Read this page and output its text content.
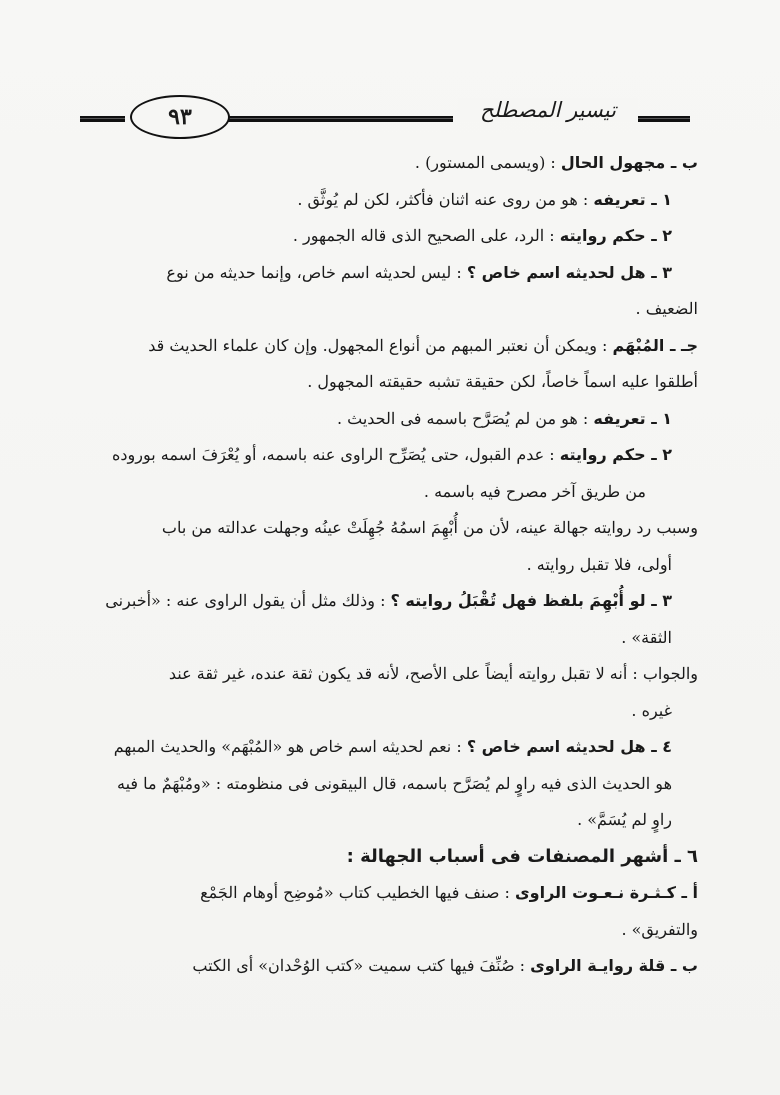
٩٣	تيسير المصطلح

ب ـ مجهول الحال : (ويسمى المستور) .

١ ـ تعريفه : هو من روى عنه اثنان فأكثر، لكن لم يُوثَّق .

٢ ـ حكم روايته : الرد، على الصحيح الذى قاله الجمهور .

٣ ـ هل لحديثه اسم خاص ؟ : ليس لحديثه اسم خاص، وإنما حديثه من نوع

الضعيف .

جـ ـ المُبْهَم : ويمكن أن نعتبر المبهم من أنواع المجهول. وإن كان علماء الحديث قد

أطلقوا عليه اسماً خاصاً، لكن حقيقة تشبه حقيقته المجهول .

١ ـ تعريفه : هو من لم يُصَرَّح باسمه فى الحديث .

٢ ـ حكم روايته : عدم القبول، حتى يُصَرِّح الراوى عنه باسمه، أو يُعْرَفَ اسمه بوروده

من طريق آخر مصرح فيه باسمه .

وسبب رد روايته جهالة عينه، لأن من أُبْهِمَ اسمُهُ جُهِلَتْ عينُه وجهلت عدالته من باب

أولى، فلا تقبل روايته .

٣ ـ لو أُبْهِمَ بلفظ فهل تُقْبَلُ روايته ؟ : وذلك مثل أن يقول الراوى عنه : «أخبرنى

الثقة» .

والجواب : أنه لا تقبل روايته أيضاً على الأصح، لأنه قد يكون ثقة عنده، غير ثقة عند

غيره .

٤ ـ هل لحديثه اسم خاص ؟ : نعم لحديثه اسم خاص هو «المُبْهَم» والحديث المبهم

هو الحديث الذى فيه راوٍ لم يُصَرَّح باسمه، قال البيقونى فى منظومته : «ومُبْهَمٌ ما فيه

راوٍ لم يُسَمَّ» .

٦ ـ أشهر المصنفات فى أسباب الجهالة :

أ ـ كـثـرة نـعـوت الراوى : صنف فيها الخطيب كتاب «مُوضِح أوهام الجَمْع

والتفريق» .

ب ـ قلة روايـة الراوى : صُنِّفَ فيها كتب سميت «كتب الوُحْدان» أى الكتب
